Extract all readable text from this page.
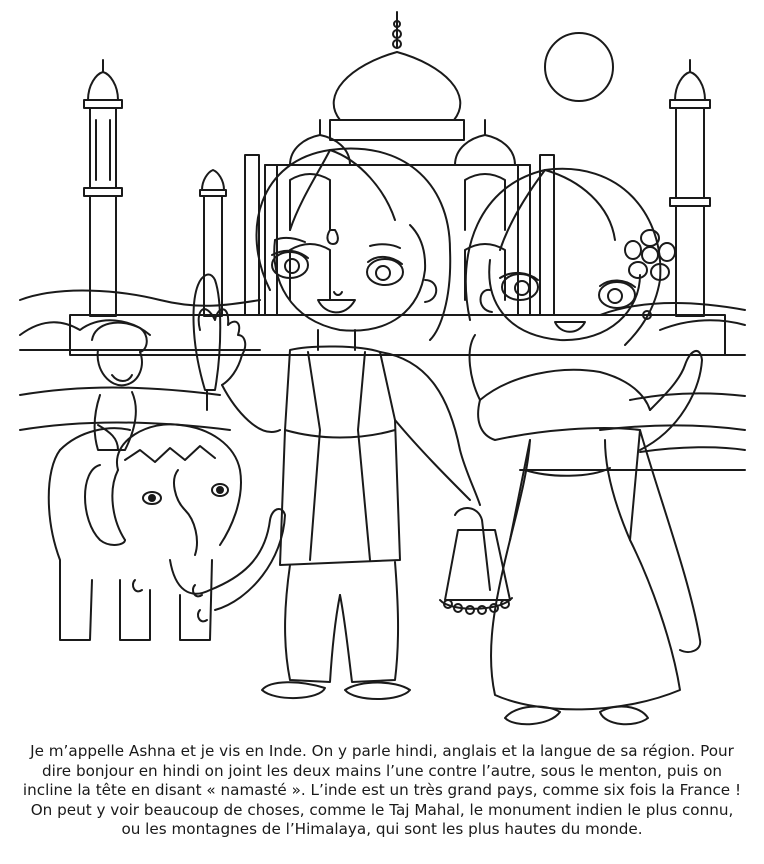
Je m’appelle Ashna et je vis en Inde. On y parle hindi, anglais et la langue de sa région. Pour
dire bonjour en hindi on joint les deux mains l’une contre l’autre, sous le menton, puis on
incline la tête en disant « namasté ». L’inde est un très grand pays, comme six fois la France !
On peut y voir beaucoup de choses, comme le Taj Mahal, le monument indien le plus connu,
ou les montagnes de l’Himalaya, qui sont les plus hautes du monde.
